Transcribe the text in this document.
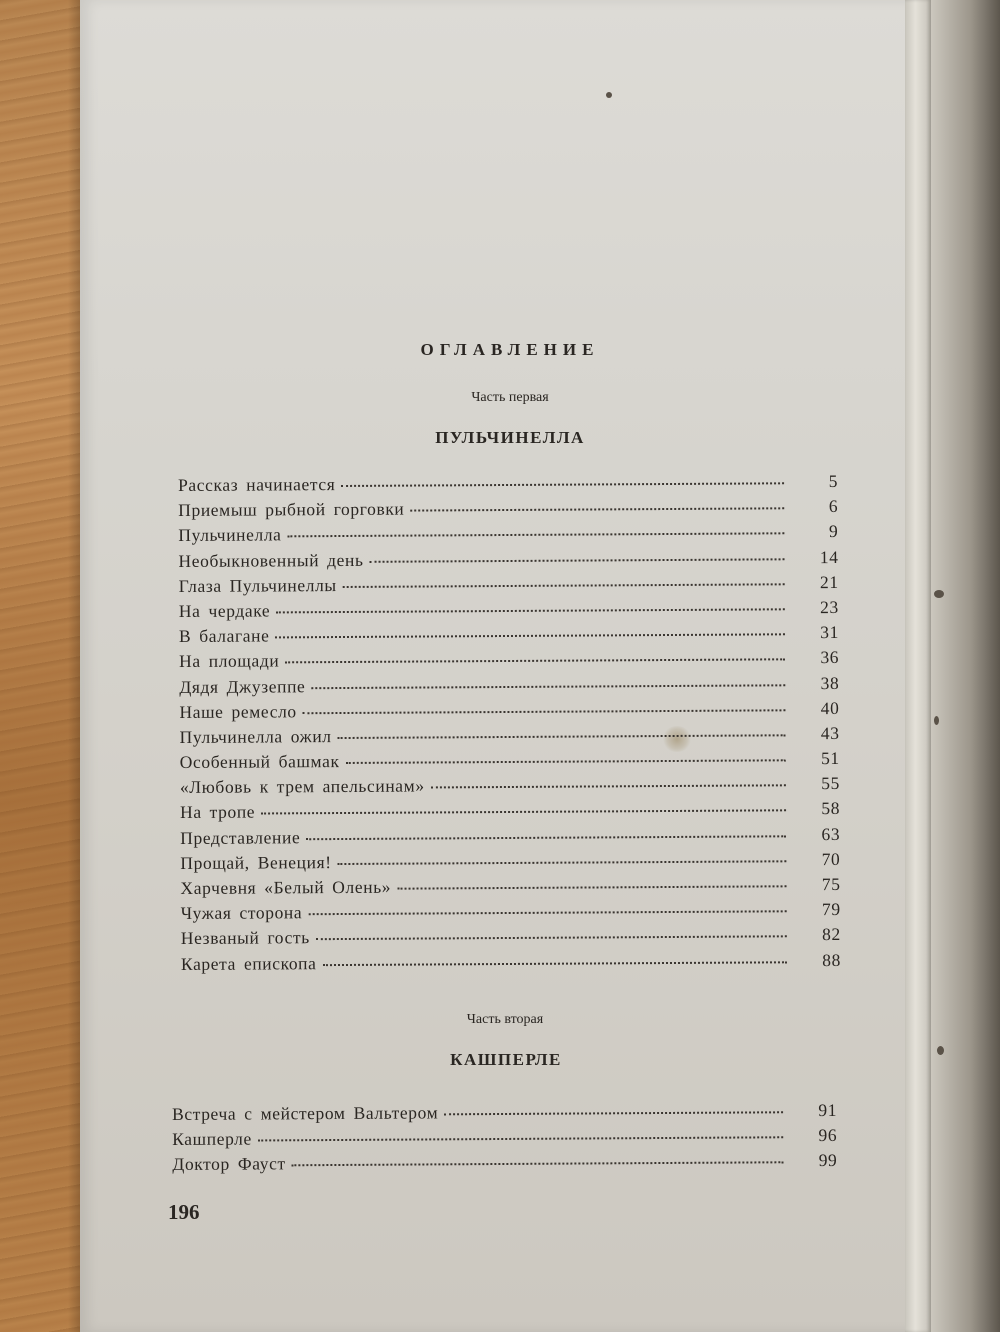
ОГЛАВЛЕНИЕ
Часть первая
ПУЛЬЧИНЕЛЛА
Рассказ начинается	5
Приемыш рыбной горговки	6
Пульчинелла	9
Необыкновенный день	14
Глаза Пульчинеллы	21
На чердаке	23
В балагане	31
На площади	36
Дядя Джузеппе	38
Наше ремесло	40
Пульчинелла ожил	43
Особенный башмак	51
«Любовь к трем апельсинам»	55
На тропе	58
Представление	63
Прощай, Венеция!	70
Харчевня «Белый Олень»	75
Чужая сторона	79
Незваный гость	82
Карета епископа	88
Часть вторая
КАШПЕРЛЕ
Встреча с мейстером Вальтером	91
Кашперле	96
Доктор Фауст	99
196
